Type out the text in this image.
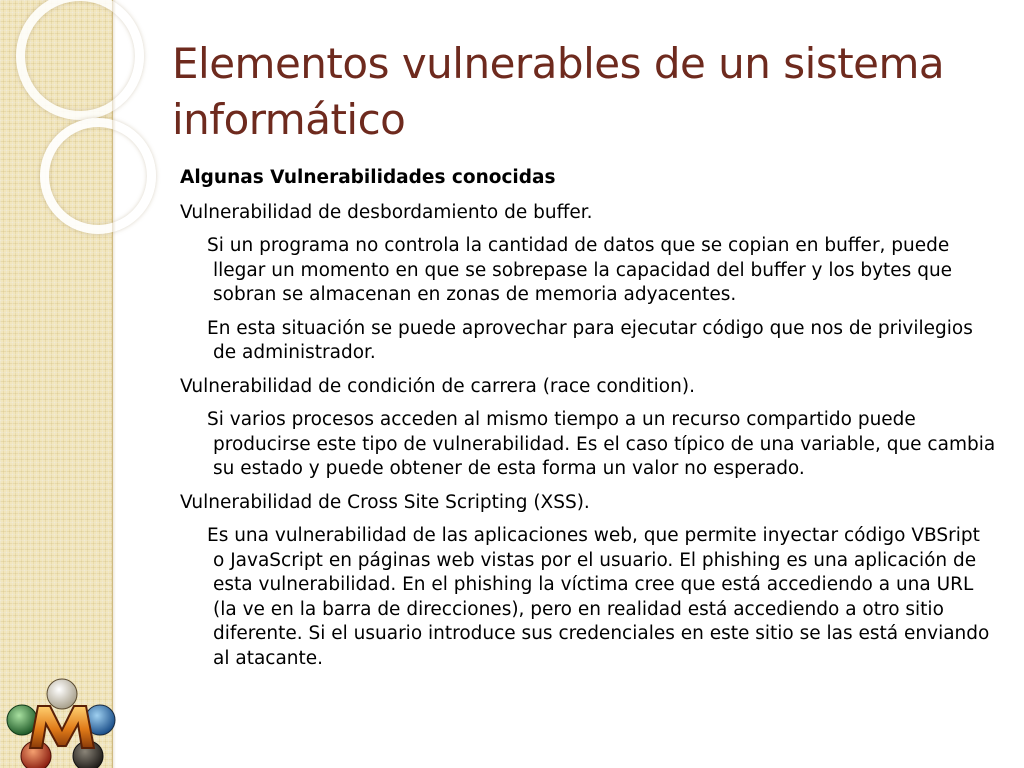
Elementos vulnerables de un sistema informático

Algunas Vulnerabilidades conocidas

Vulnerabilidad de desbordamiento de buffer.

Si un programa no controla la cantidad de datos que se copian en buffer, puede llegar un momento en que se sobrepase la capacidad del buffer y los bytes que sobran se almacenan en zonas de memoria adyacentes.

En esta situación se puede aprovechar para ejecutar código que nos de privilegios de administrador.

Vulnerabilidad de condición de carrera (race condition).

Si varios procesos acceden al mismo tiempo a un recurso compartido puede producirse este tipo de vulnerabilidad. Es el caso típico de una variable, que cambia su estado y puede obtener de esta forma un valor no esperado.

Vulnerabilidad de Cross Site Scripting (XSS).

Es una vulnerabilidad de las aplicaciones web, que permite inyectar código VBSript o JavaScript en páginas web vistas por el usuario. El phishing es una aplicación de esta vulnerabilidad. En el phishing la víctima cree que está accediendo a una URL (la ve en la barra de direcciones), pero en realidad está accediendo a otro sitio diferente. Si el usuario introduce sus credenciales en este sitio se las está enviando al atacante.
